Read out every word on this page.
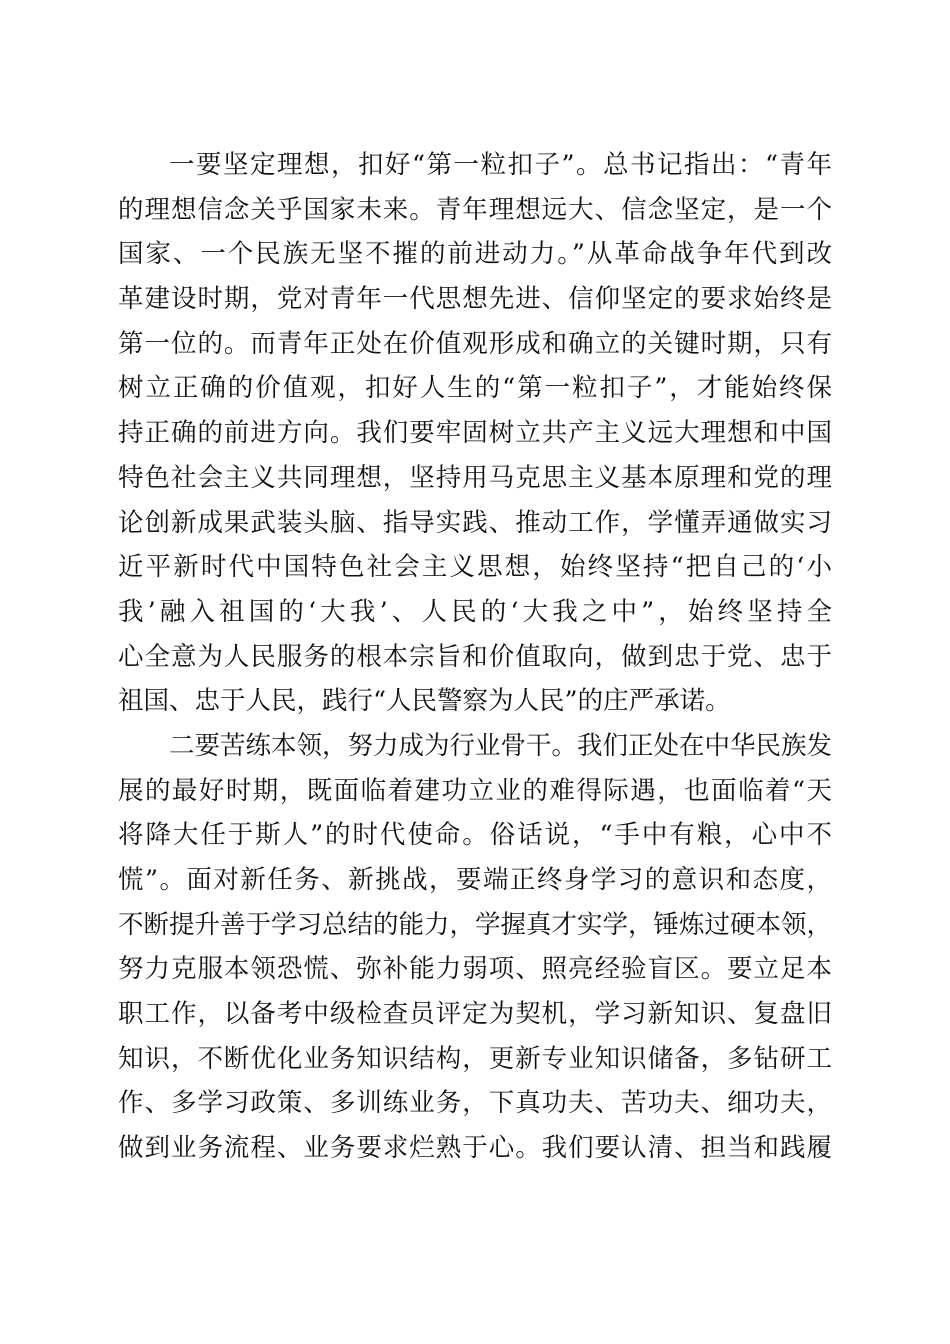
一要坚定理想，扣好“第一粒扣子”。总书记指出：“青年
的理想信念关乎国家未来。青年理想远大、信念坚定，是一个
国家、一个民族无坚不摧的前进动力。”从革命战争年代到改
革建设时期，党对青年一代思想先进、信仰坚定的要求始终是
第一位的。而青年正处在价值观形成和确立的关键时期，只有
树立正确的价值观，扣好人生的“第一粒扣子”，才能始终保
持正确的前进方向。我们要牢固树立共产主义远大理想和中国
特色社会主义共同理想，坚持用马克思主义基本原理和党的理
论创新成果武装头脑、指导实践、推动工作，学懂弄通做实习
近平新时代中国特色社会主义思想，始终坚持“把自己的‘小
我’融入祖国的‘大我’、人民的‘大我之中”，始终坚持全
心全意为人民服务的根本宗旨和价值取向，做到忠于党、忠于
祖国、忠于人民，践行“人民警察为人民”的庄严承诺。
二要苦练本领，努力成为行业骨干。我们正处在中华民族发
展的最好时期，既面临着建功立业的难得际遇，也面临着“天
将降大任于斯人”的时代使命。俗话说，“手中有粮，心中不
慌”。面对新任务、新挑战，要端正终身学习的意识和态度，
不断提升善于学习总结的能力，学握真才实学，锤炼过硬本领，
努力克服本领恐慌、弥补能力弱项、照亮经验盲区。要立足本
职工作，以备考中级检查员评定为契机，学习新知识、复盘旧
知识，不断优化业务知识结构，更新专业知识储备，多钻研工
作、多学习政策、多训练业务，下真功夫、苦功夫、细功夫，
做到业务流程、业务要求烂熟于心。我们要认清、担当和践履
